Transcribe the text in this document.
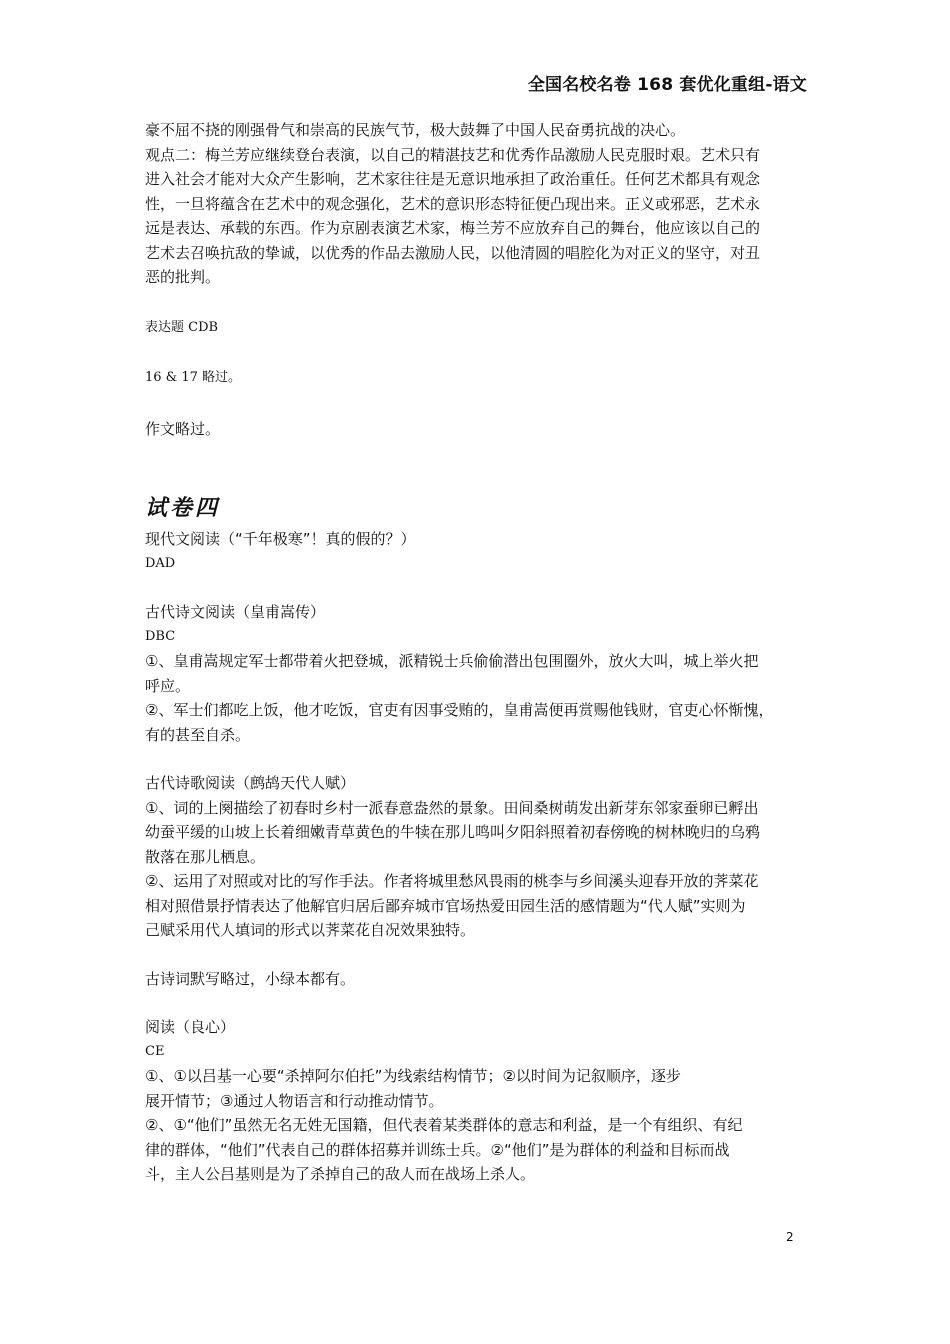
全国名校名卷 168 套优化重组-语文

豪不屈不挠的刚强骨气和崇高的民族气节，极大鼓舞了中国人民奋勇抗战的决心。

观点二：梅兰芳应继续登台表演，以自己的精湛技艺和优秀作品激励人民克服时艰。艺术只有

进入社会才能对大众产生影响，艺术家往往是无意识地承担了政治重任。任何艺术都具有观念

性，一旦将蕴含在艺术中的观念强化，艺术的意识形态特征便凸现出来。正义或邪恶，艺术永

远是表达、承载的东西。作为京剧表演艺术家，梅兰芳不应放弃自己的舞台，他应该以自己的

艺术去召唤抗敌的挚诚，以优秀的作品去激励人民，以他清圆的唱腔化为对正义的坚守，对丑

恶的批判。

表达题 CDB

16 & 17 略过。

作文略过。

试卷四

现代文阅读（“千年极寒”！真的假的？）

DAD

古代诗文阅读（皇甫嵩传）

DBC

①、皇甫嵩规定军士都带着火把登城，派精锐士兵偷偷潜出包围圈外，放火大叫，城上举火把

呼应。

②、军士们都吃上饭，他才吃饭，官吏有因事受贿的，皇甫嵩便再赏赐他钱财，官吏心怀惭愧，

有的甚至自杀。

古代诗歌阅读（鹧鸪天代人赋）

①、词的上阕描绘了初春时乡村一派春意盎然的景象。田间桑树萌发出新芽东邻家蚕卵已孵出

幼蚕平缓的山坡上长着细嫩青草黄色的牛犊在那儿鸣叫夕阳斜照着初春傍晚的树林晚归的乌鸦

散落在那儿栖息。

②、运用了对照或对比的写作手法。作者将城里愁风畏雨的桃李与乡间溪头迎春开放的荠菜花

相对照借景抒情表达了他解官归居后鄙弃城市官场热爱田园生活的感情题为“代人赋”实则为

己赋采用代人填词的形式以荠菜花自况效果独特。

古诗词默写略过，小绿本都有。

阅读（良心）

CE

①、①以吕基一心要“杀掉阿尔伯托”为线索结构情节；②以时间为记叙顺序，逐步

展开情节；③通过人物语言和行动推动情节。

②、①“他们”虽然无名无姓无国籍，但代表着某类群体的意志和利益，是一个有组织、有纪

律的群体，“他们”代表自己的群体招募并训练士兵。②“他们”是为群体的利益和目标而战

斗，主人公吕基则是为了杀掉自己的敌人而在战场上杀人。

2
